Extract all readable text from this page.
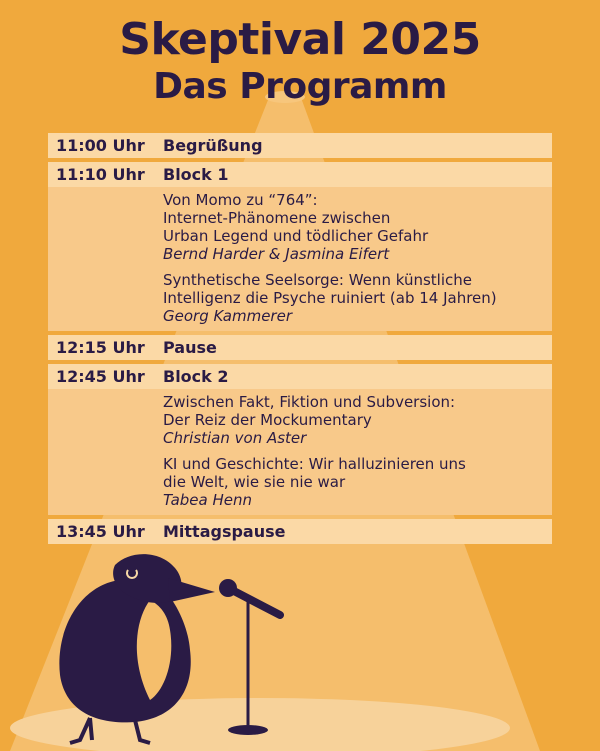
Skeptival 2025
Das Programm
11:00 Uhr Begrüßung
11:10 Uhr Block 1
Von Momo zu “764”:
Internet-Phänomene zwischen
Urban Legend und tödlicher Gefahr
Bernd Harder & Jasmina Eifert
Synthetische Seelsorge: Wenn künstliche
Intelligenz die Psyche ruiniert (ab 14 Jahren)
Georg Kammerer
12:15 Uhr Pause
12:45 Uhr Block 2
Zwischen Fakt, Fiktion und Subversion:
Der Reiz der Mockumentary
Christian von Aster
KI und Geschichte: Wir halluzinieren uns
die Welt, wie sie nie war
Tabea Henn
13:45 Uhr Mittagspause
